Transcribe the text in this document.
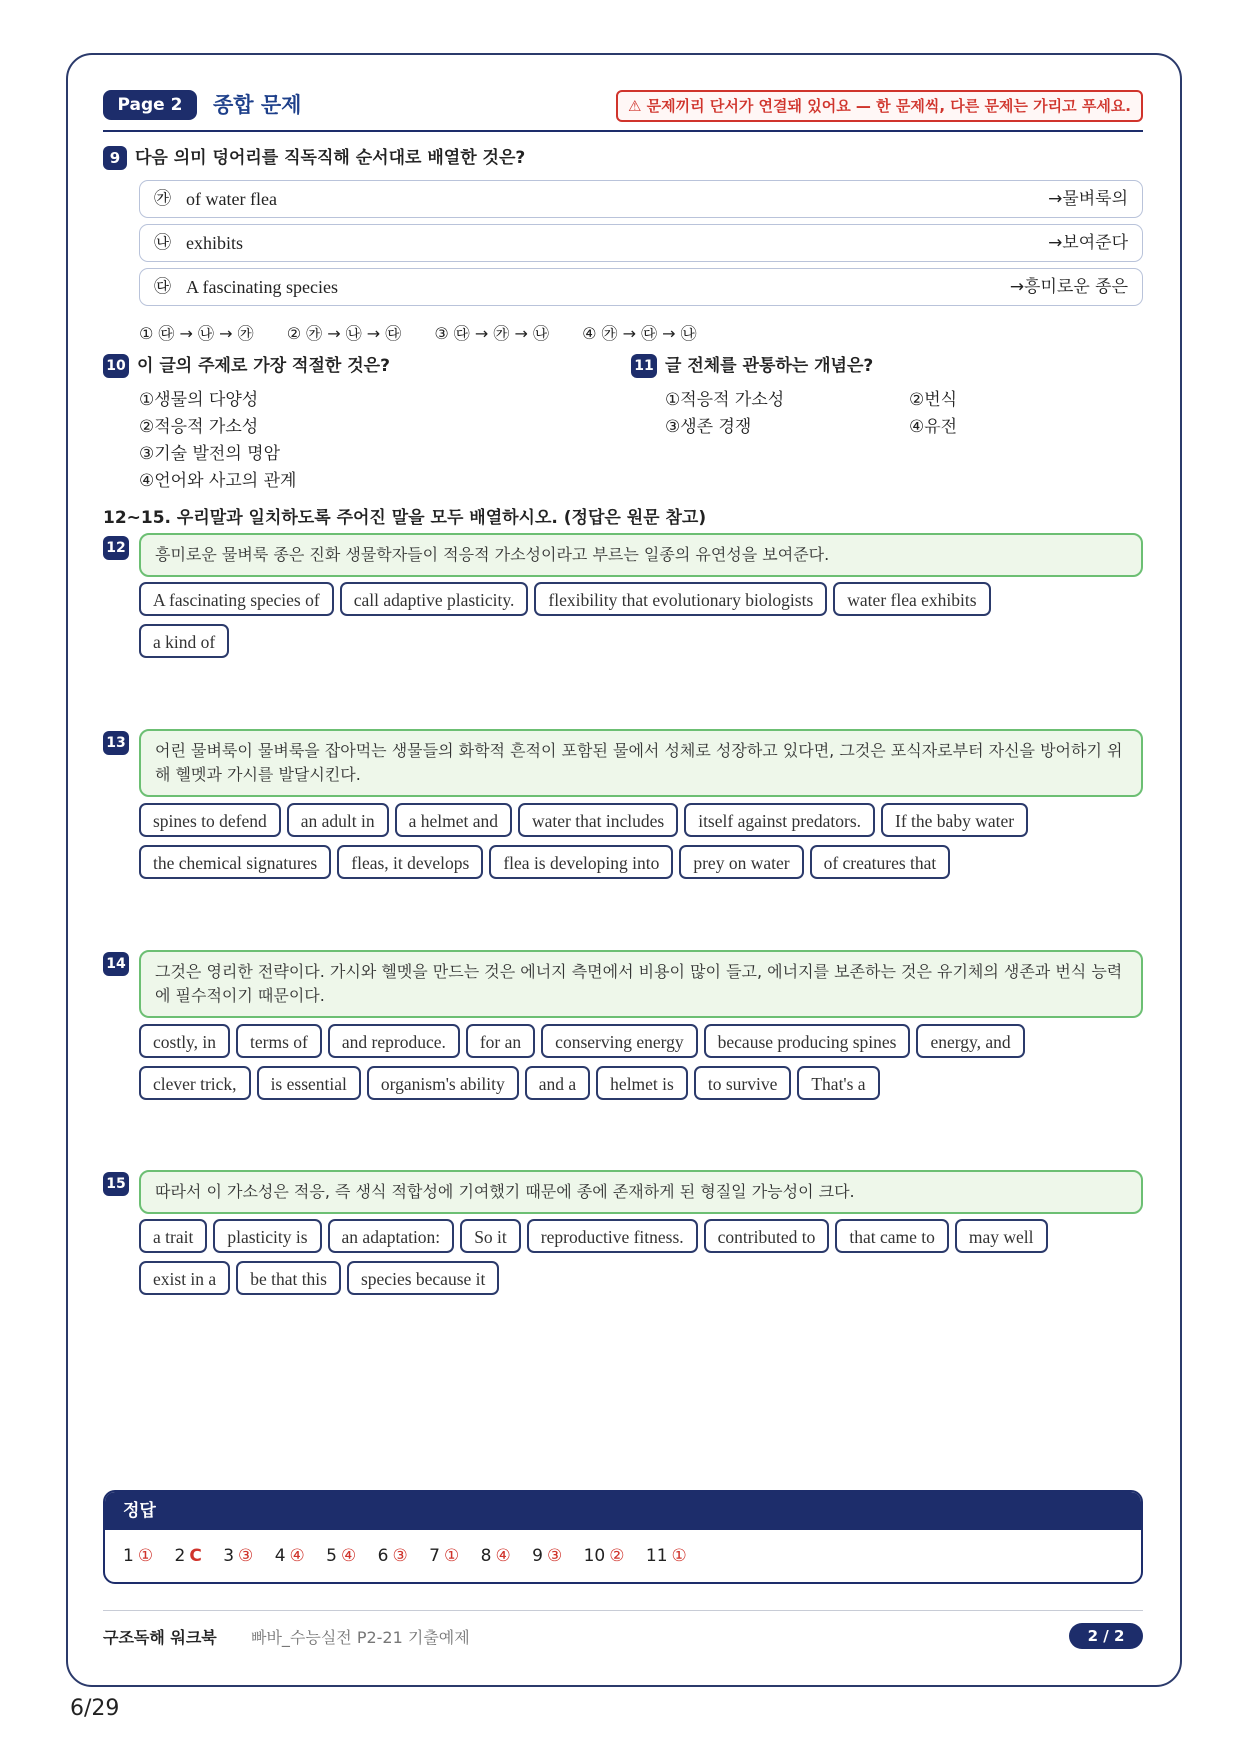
Page 2	종합 문제	⚠ 문제끼리 단서가 연결돼 있어요 — 한 문제씩, 다른 문제는 가리고 푸세요.
9 다음 의미 덩어리를 직독직해 순서대로 배열한 것은?
㉮ of water flea	→물벼룩의
㉯ exhibits	→보여준다
㉰ A fascinating species	→흥미로운 종은
① ㉰ → ㉯ → ㉮ ② ㉮ → ㉯ → ㉰ ③ ㉰ → ㉮ → ㉯ ④ ㉮ → ㉰ → ㉯
10 이 글의 주제로 가장 적절한 것은?
①생물의 다양성
②적응적 가소성
③기술 발전의 명암
④언어와 사고의 관계
11 글 전체를 관통하는 개념은?
①적응적 가소성	②번식
③생존 경쟁	④유전
12~15. 우리말과 일치하도록 주어진 말을 모두 배열하시오. (정답은 원문 참고)
12	흥미로운 물벼룩 종은 진화 생물학자들이 적응적 가소성이라고 부르는 일종의 유연성을 보여준다.
A fascinating species of call adaptive plasticity. flexibility that evolutionary biologists water flea exhibits
a kind of
13	어린 물벼룩이 물벼룩을 잡아먹는 생물들의 화학적 흔적이 포함된 물에서 성체로 성장하고 있다면, 그것은 포식자로부터 자신을 방어하기 위해 헬멧과 가시를 발달시킨다.
spines to defend an adult in a helmet and water that includes itself against predators. If the baby water
the chemical signatures fleas, it develops flea is developing into prey on water of creatures that
14	그것은 영리한 전략이다. 가시와 헬멧을 만드는 것은 에너지 측면에서 비용이 많이 들고, 에너지를 보존하는 것은 유기체의 생존과 번식 능력에 필수적이기 때문이다.
costly, in terms of and reproduce. for an conserving energy because producing spines energy, and
clever trick, is essential organism's ability and a helmet is to survive That's a
15	따라서 이 가소성은 적응, 즉 생식 적합성에 기여했기 때문에 종에 존재하게 된 형질일 가능성이 크다.
a trait plasticity is an adaptation: So it reproductive fitness. contributed to that came to may well
exist in a be that this species because it
정답
1 ① 2 C 3 ③ 4 ④ 5 ④ 6 ③ 7 ① 8 ④ 9 ③ 10 ② 11 ①
구조독해 워크북 빠바_수능실전 P2-21 기출예제	2 / 2
6/29
